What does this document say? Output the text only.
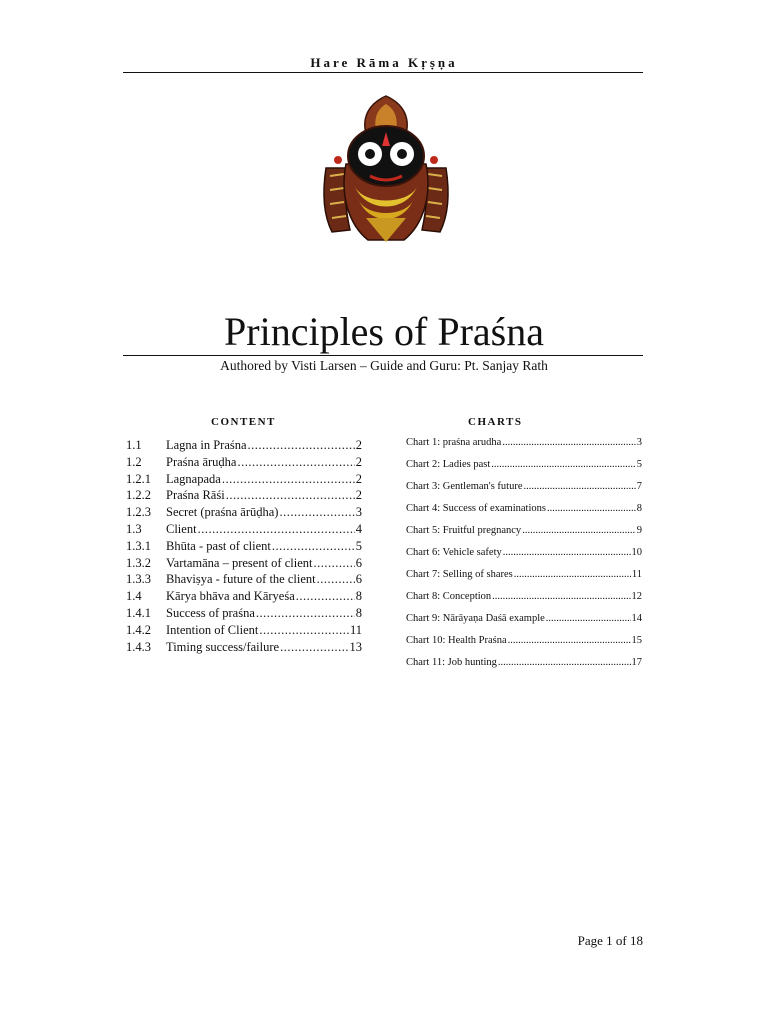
Hare Rāma Kṛṣṇa
Principles of Praśna
Authored by Visti Larsen – Guide and Guru: Pt. Sanjay Rath
CONTENT	CHARTS
1.1	Lagna in Praśna .....	2
1.2	Praśna āruḍha .....	2
1.2.1	Lagnapada .....	2
1.2.2	Praśna Rāśi .....	2
1.2.3	Secret (praśna ārūḍha) .....	3
1.3	Client .....	4
1.3.1	Bhūta - past of client .....	5
1.3.2	Vartamāna – present of client .....	6
1.3.3	Bhaviṣya - future of the client .....	6
1.4	Kārya bhāva and Kāryeśa .....	8
1.4.1	Success of praśna .....	8
1.4.2	Intention of Client .....	11
1.4.3	Timing success/failure .....	13
Chart 1: praśna arudha .....	3
Chart 2: Ladies past .....	5
Chart 3: Gentleman's future .....	7
Chart 4: Success of examinations .....	8
Chart 5: Fruitful pregnancy .....	9
Chart 6: Vehicle safety .....	10
Chart 7: Selling of shares .....	11
Chart 8: Conception .....	12
Chart 9: Nārāyaṇa Daśā example .....	14
Chart 10: Health Praśna .....	15
Chart 11: Job hunting .....	17
Page 1 of 18
